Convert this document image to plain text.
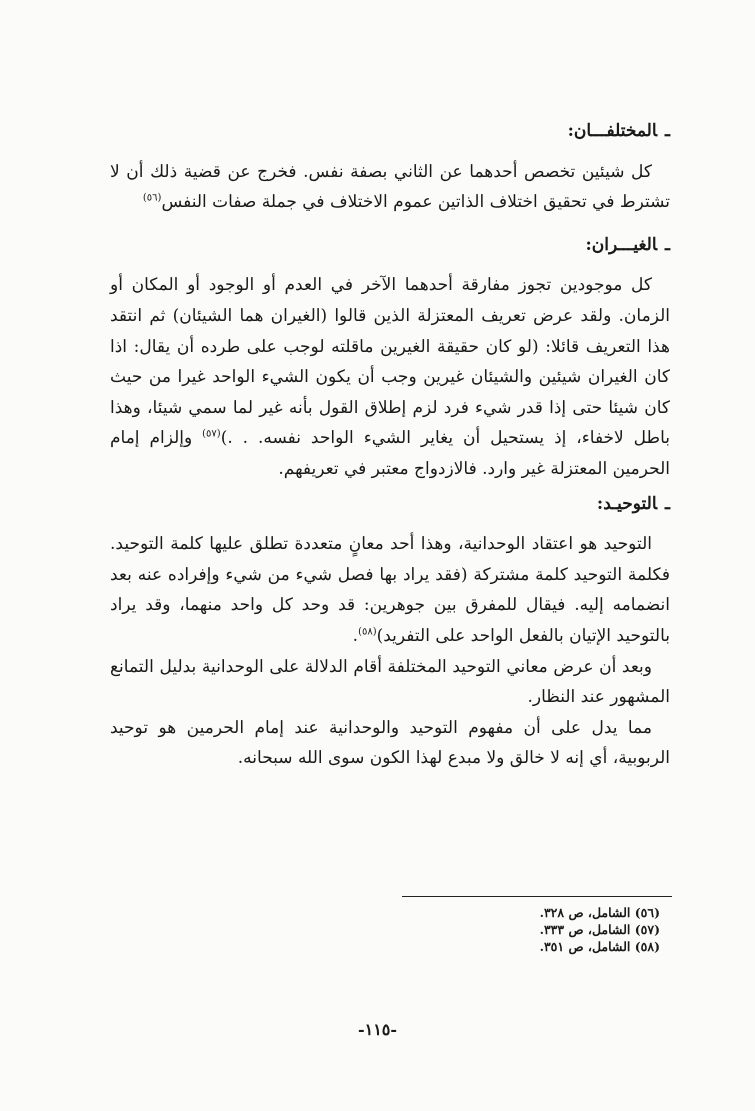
ـالمختلفـــان:

كل شيئين تخصص أحدهما عن الثاني بصفة نفس. فخرج عن قضية ذلك أن لا تشترط في تحقيق اختلاف الذاتين عموم الاختلاف في جملة صفات النفس$^{(٥٦)}$

ـالغيـــران:

كل موجودين تجوز مفارقة أحدهما الآخر في العدم أو الوجود أو المكان أو الزمان. ولقد عرض تعريف المعتزلة الذين قالوا (الغيران هما الشيئان) ثم انتقد هذا التعريف قائلا: (لو كان حقيقة الغيرين ماقلته لوجب على طرده أن يقال: اذا كان الغيران شيئين والشيئان غيرين وجب أن يكون الشيء الواحد غيرا من حيث كان شيئا حتى إذا قدر شيء فرد لزم إطلاق القول بأنه غير لما سمي شيئا، وهذا باطل لاخفاء، إذ يستحيل أن يغاير الشيء الواحد نفسه. . .)$^{(٥٧)}$ وإلزام إمام الحرمين المعتزلة غير وارد. فالازدواج معتبر في تعريفهم.

ـالتوحيـد:

التوحيد هو اعتقاد الوحدانية، وهذا أحد معانٍ متعددة تطلق عليها كلمة التوحيد. فكلمة التوحيد كلمة مشتركة (فقد يراد بها فصل شيء من شيء وإفراده عنه بعد انضمامه إليه. فيقال للمفرق بين جوهرين: قد وحد كل واحد منهما، وقد يراد بالتوحيد الإتيان بالفعل الواحد على التفريد)$^{(٥٨)}$.

وبعد أن عرض معاني التوحيد المختلفة أقام الدلالة على الوحدانية بدليل التمانع المشهور عند النظار.

مما يدل على أن مفهوم التوحيد والوحدانية عند إمام الحرمين هو توحيد الربوبية، أي إنه لا خالق ولا مبدع لهذا الكون سوى الله سبحانه.

(٥٦) الشامل، ص ٣٢٨.
(٥٧) الشامل، ص ٣٣٣.
(٥٨) الشامل، ص ٣٥١.
-١١٥-
